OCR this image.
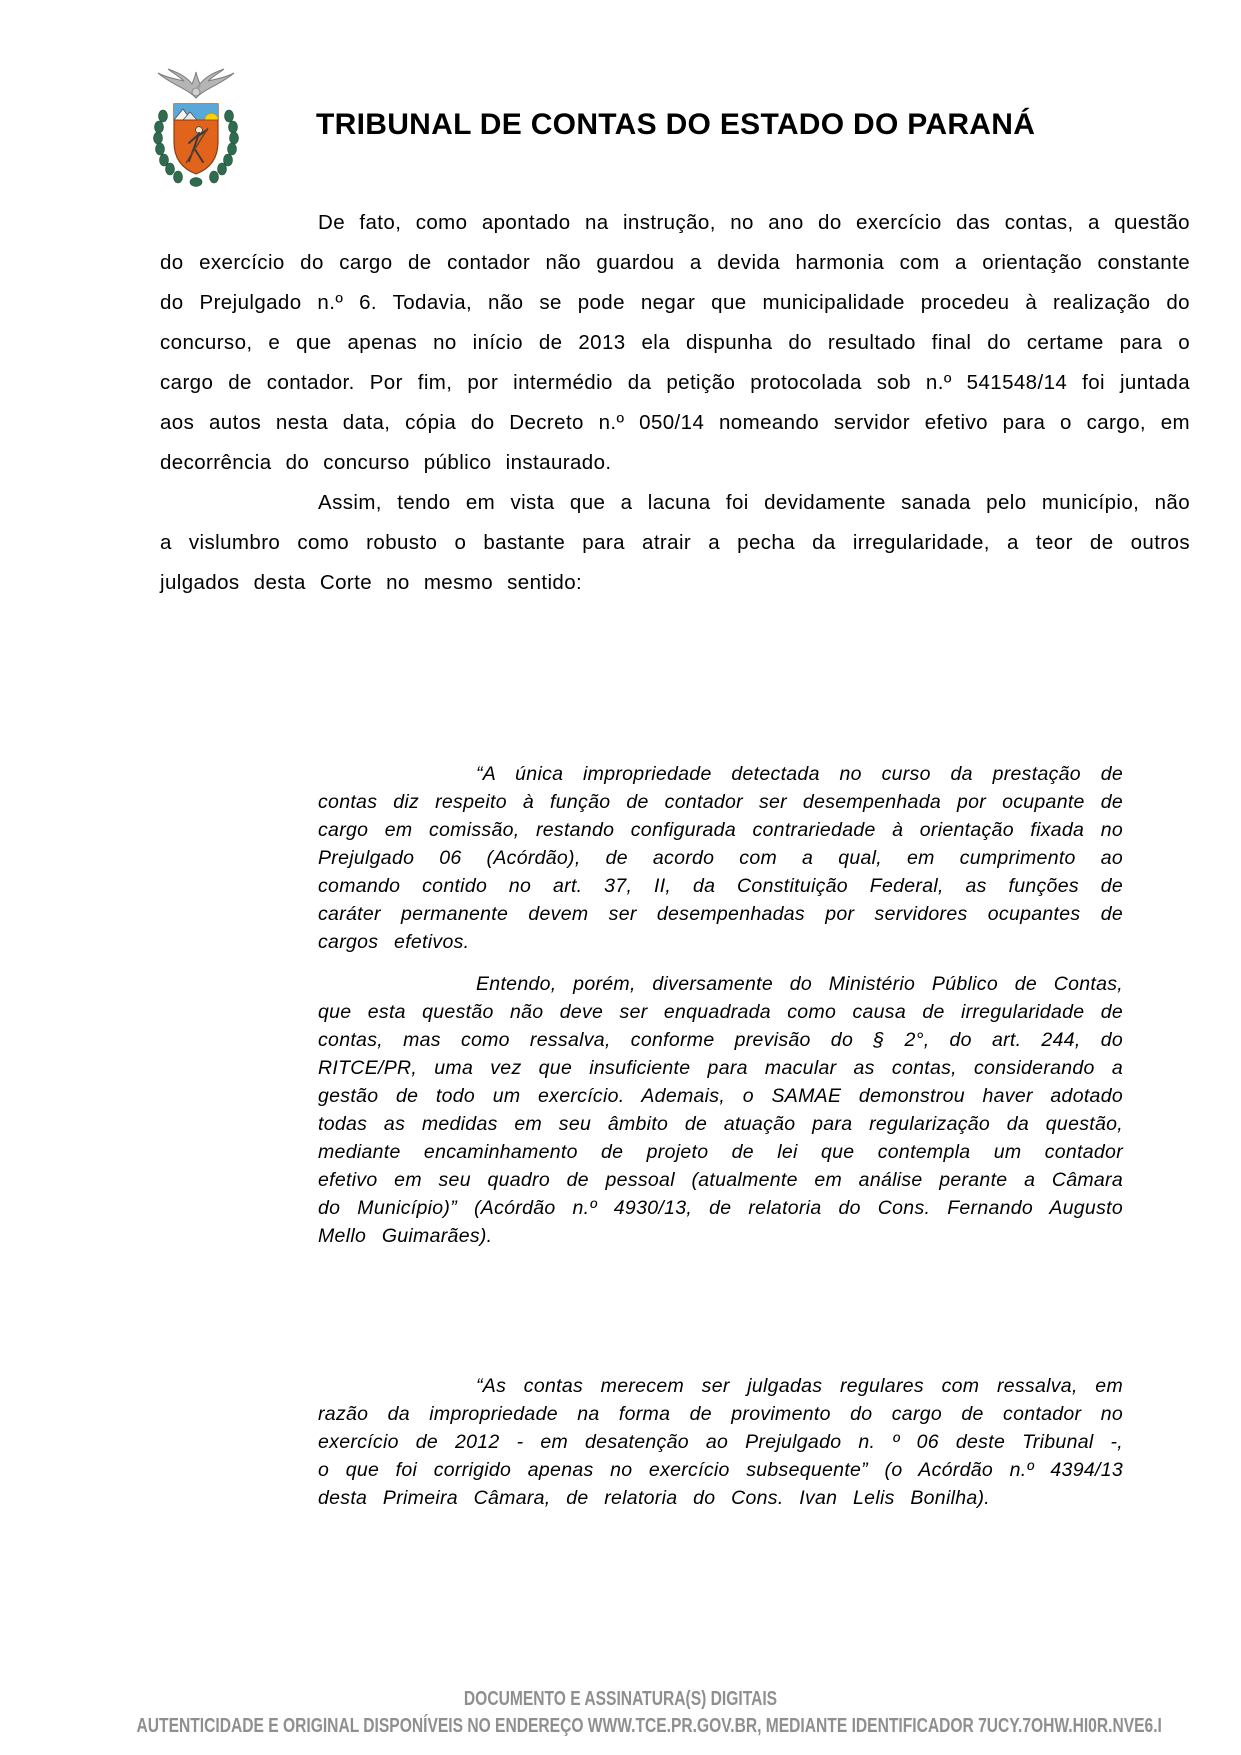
TRIBUNAL DE CONTAS DO ESTADO DO PARANÁ

De fato, como apontado na instrução, no ano do exercício das contas, a questão do exercício do cargo de contador não guardou a devida harmonia com a orientação constante do Prejulgado n.º 6. Todavia, não se pode negar que municipalidade procedeu à realização do concurso, e que apenas no início de 2013 ela dispunha do resultado final do certame para o cargo de contador. Por fim, por intermédio da petição protocolada sob n.º 541548/14 foi juntada aos autos nesta data, cópia do Decreto n.º 050/14 nomeando servidor efetivo para o cargo, em decorrência do concurso público instaurado.

Assim, tendo em vista que a lacuna foi devidamente sanada pelo município, não a vislumbro como robusto o bastante para atrair a pecha da irregularidade, a teor de outros julgados desta Corte no mesmo sentido:

“A única impropriedade detectada no curso da prestação de contas diz respeito à função de contador ser desempenhada por ocupante de cargo em comissão, restando configurada contrariedade à orientação fixada no Prejulgado 06 (Acórdão), de acordo com a qual, em cumprimento ao comando contido no art. 37, II, da Constituição Federal, as funções de caráter permanente devem ser desempenhadas por servidores ocupantes de cargos efetivos.

Entendo, porém, diversamente do Ministério Público de Contas, que esta questão não deve ser enquadrada como causa de irregularidade de contas, mas como ressalva, conforme previsão do § 2°, do art. 244, do RITCE/PR, uma vez que insuficiente para macular as contas, considerando a gestão de todo um exercício. Ademais, o SAMAE demonstrou haver adotado todas as medidas em seu âmbito de atuação para regularização da questão, mediante encaminhamento de projeto de lei que contempla um contador efetivo em seu quadro de pessoal (atualmente em análise perante a Câmara do Município)” (Acórdão n.º 4930/13, de relatoria do Cons. Fernando Augusto Mello Guimarães).

“As contas merecem ser julgadas regulares com ressalva, em razão da impropriedade na forma de provimento do cargo de contador no exercício de 2012 - em desatenção ao Prejulgado n. º 06 deste Tribunal -, o que foi corrigido apenas no exercício subsequente” (o Acórdão n.º 4394/13 desta Primeira Câmara, de relatoria do Cons. Ivan Lelis Bonilha).

DOCUMENTO E ASSINATURA(S) DIGITAIS
AUTENTICIDADE E ORIGINAL DISPONÍVEIS NO ENDEREÇO WWW.TCE.PR.GOV.BR, MEDIANTE IDENTIFICADOR 7UCY.7OHW.HI0R.NVE6.I
